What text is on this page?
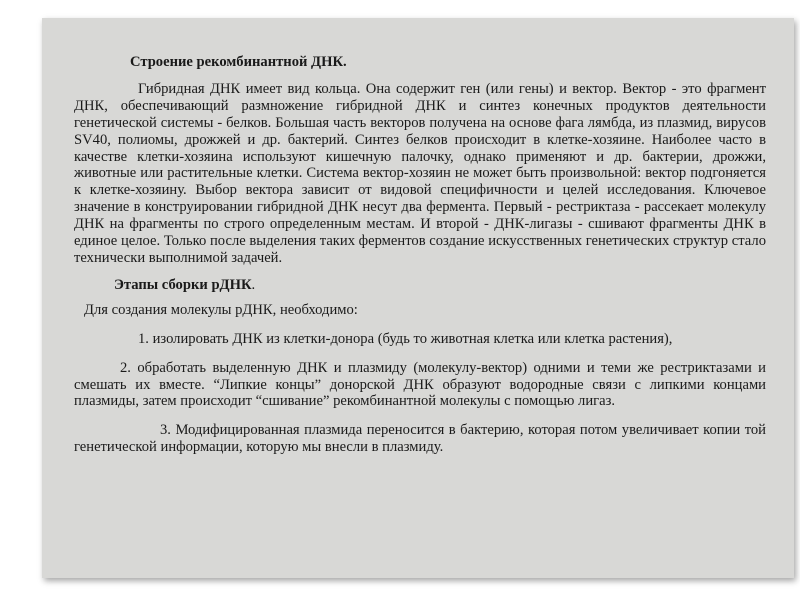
Строение рекомбинантной ДНК.

Гибридная ДНК имеет вид кольца. Она содержит ген (или гены) и вектор. Вектор - это фрагмент ДНК, обеспечивающий размножение гибридной ДНК и синтез конечных продуктов деятельности генетической системы - белков. Большая часть векторов получена на основе фага лямбда, из плазмид, вирусов SV40, полиомы, дрожжей и др. бактерий. Синтез белков происходит в клетке-хозяине. Наиболее часто в качестве клетки-хозяина используют кишечную палочку, однако применяют и др. бактерии, дрожжи, животные или растительные клетки. Система вектор-хозяин не может быть произвольной: вектор подгоняется к клетке-хозяину. Выбор вектора зависит от видовой специфичности и целей исследования. Ключевое значение в конструировании гибридной ДНК несут два фермента. Первый - рестриктаза - рассекает молекулу ДНК на фрагменты по строго определенным местам. И второй - ДНК-лигазы - сшивают фрагменты ДНК в единое целое. Только после выделения таких ферментов создание искусственных генетических структур стало технически выполнимой задачей.

Этапы сборки рДНК.
Для создания молекулы рДНК, необходимо:

1. изолировать ДНК из клетки-донора (будь то животная клетка или клетка растения),

2. обработать выделенную ДНК и плазмиду (молекулу-вектор) одними и теми же рестриктазами и смешать их вместе. “Липкие концы” донорской ДНК образуют водородные связи с липкими концами плазмиды, затем происходит “сшивание” рекомбинантной молекулы с помощью лигаз.

3. Модифицированная плазмида переносится в бактерию, которая потом увеличивает копии той генетической информации, которую мы внесли в плазмиду.
